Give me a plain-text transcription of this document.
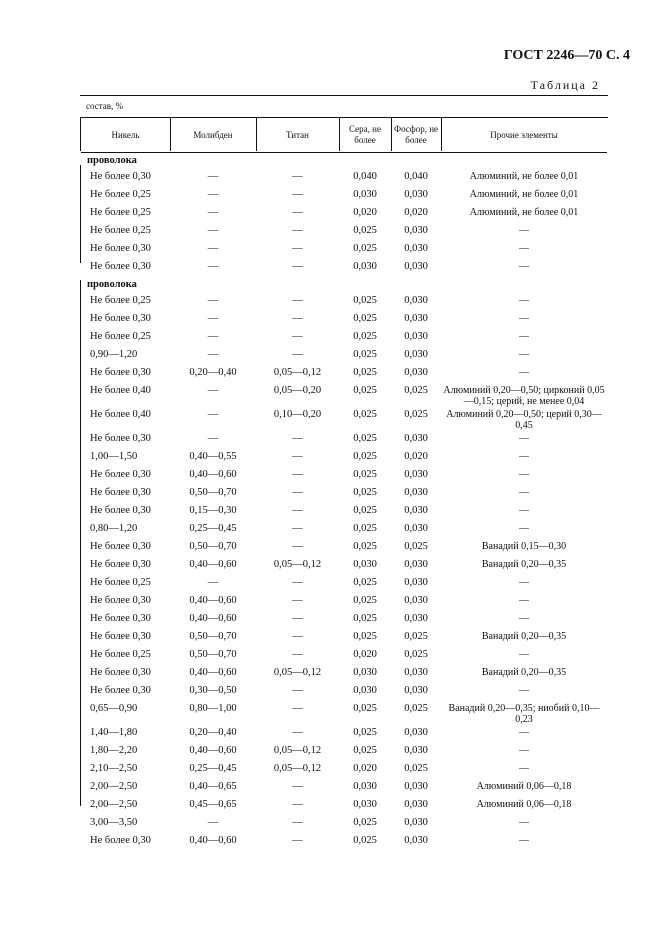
ГОСТ 2246—70 С. 4
Таблица 2
состав, %
Никель	Молибден	Титан	Сера, не более	Фосфор, не более	Прочие элементы
проволока					
Не более 0,30	—	—	0,040	0,040	Алюминий, не более 0,01
Не более 0,25	—	—	0,030	0,030	Алюминий, не более 0,01
Не более 0,25	—	—	0,020	0,020	Алюминий, не более 0,01
Не более 0,25	—	—	0,025	0,030	—
Не более 0,30	—	—	0,025	0,030	—
Не более 0,30	—	—	0,030	0,030	—
проволока					
Не более 0,25	—	—	0,025	0,030	—
Не более 0,30	—	—	0,025	0,030	—
Не более 0,25	—	—	0,025	0,030	—
0,90—1,20	—	—	0,025	0,030	—
Не более 0,30	0,20—0,40	0,05—0,12	0,025	0,030	—
Не более 0,40	—	0,05—0,20	0,025	0,025	Алюминий 0,20—0,50; цирконий 0,05—0,15; церий, не менее 0,04
Не более 0,40	—	0,10—0,20	0,025	0,025	Алюминий 0,20—0,50; церий 0,30—0,45
Не более 0,30	—	—	0,025	0,030	—
1,00—1,50	0,40—0,55	—	0,025	0,020	—
Не более 0,30	0,40—0,60	—	0,025	0,030	—
Не более 0,30	0,50—0,70	—	0,025	0,030	—
Не более 0,30	0,15—0,30	—	0,025	0,030	—
0,80—1,20	0,25—0,45	—	0,025	0,030	—
Не более 0,30	0,50—0,70	—	0,025	0,025	Ванадий 0,15—0,30
Не более 0,30	0,40—0,60	0,05—0,12	0,030	0,030	Ванадий 0,20—0,35
Не более 0,25	—	—	0,025	0,030	—
Не более 0,30	0,40—0,60	—	0,025	0,030	—
Не более 0,30	0,40—0,60	—	0,025	0,030	—
Не более 0,30	0,50—0,70	—	0,025	0,025	Ванадий 0,20—0,35
Не более 0,25	0,50—0,70	—	0,020	0,025	—
Не более 0,30	0,40—0,60	0,05—0,12	0,030	0,030	Ванадий 0,20—0,35
Не более 0,30	0,30—0,50	—	0,030	0,030	—
0,65—0,90	0,80—1,00	—	0,025	0,025	Ванадий 0,20—0,35; ниобий 0,10—0,23
1,40—1,80	0,20—0,40	—	0,025	0,030	—
1,80—2,20	0,40—0,60	0,05—0,12	0,025	0,030	—
2,10—2,50	0,25—0,45	0,05—0,12	0,020	0,025	—
2,00—2,50	0,40—0,65	—	0,030	0,030	Алюминий 0,06—0,18
2,00—2,50	0,45—0,65	—	0,030	0,030	Алюминий 0,06—0,18
3,00—3,50	—	—	0,025	0,030	—
Не более 0,30	0,40—0,60	—	0,025	0,030	—
